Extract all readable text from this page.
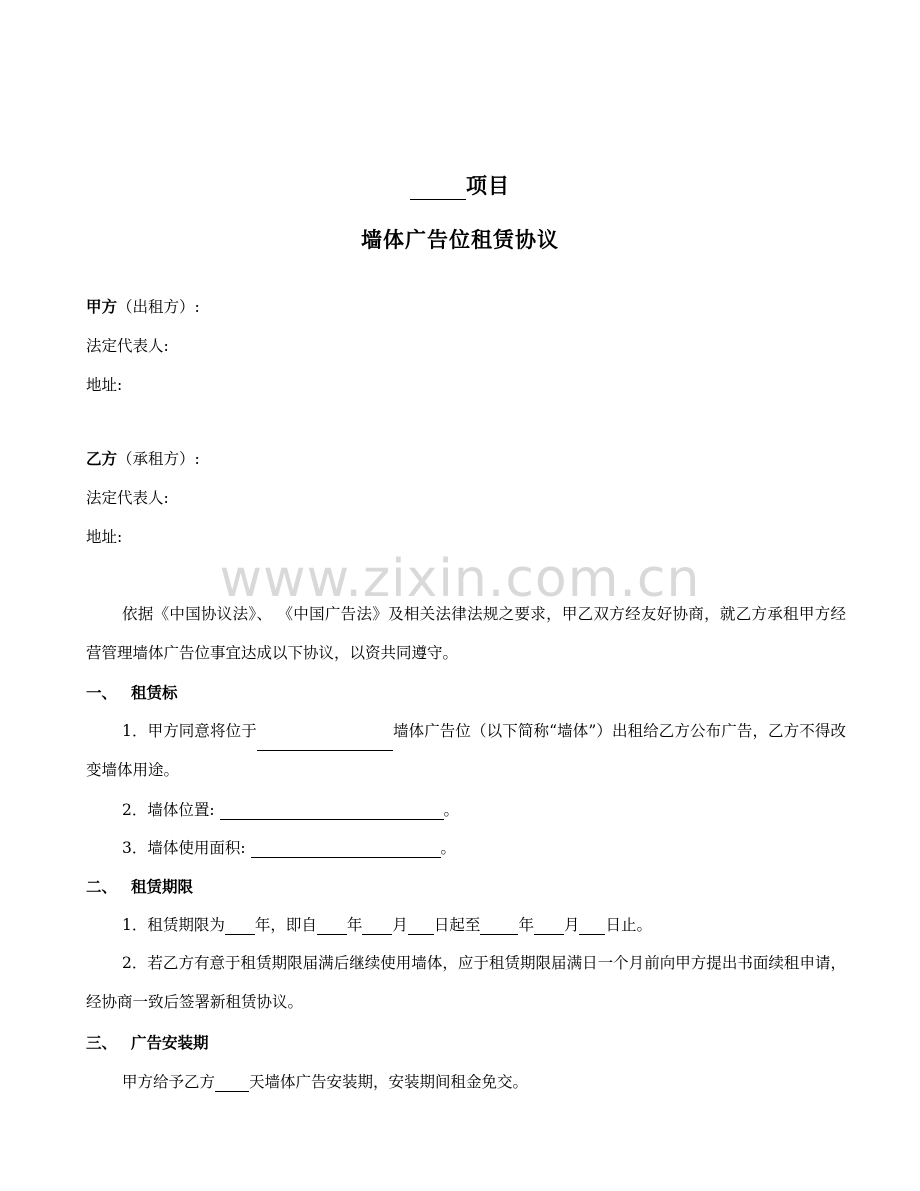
项目
墙体广告位租赁协议
甲方（出租方）:
法定代表人:
地址:
乙方（承租方）:
法定代表人:
地址:
www.zixin.com.cn
依据《中国协议法》、 《中国广告法》及相关法律法规之要求，甲乙双方经友好协商，就乙方承租甲方经营管理墙体广告位事宜达成以下协议，以资共同遵守。
一、 租赁标
1．甲方同意将位于	墙体广告位（以下简称“墙体”）出租给乙方公布广告，乙方不得改变墙体用途。
2．墙体位置:	。
3．墙体使用面积:	。
二、 租赁期限
1．租赁期限为 年，即自 年 月 日起至 年 月 日止。
2．若乙方有意于租赁期限届满后继续使用墙体，应于租赁期限届满日一个月前向甲方提出书面续租申请，经协商一致后签署新租赁协议。
三、 广告安装期
甲方给予乙方 天墙体广告安装期，安装期间租金免交。
